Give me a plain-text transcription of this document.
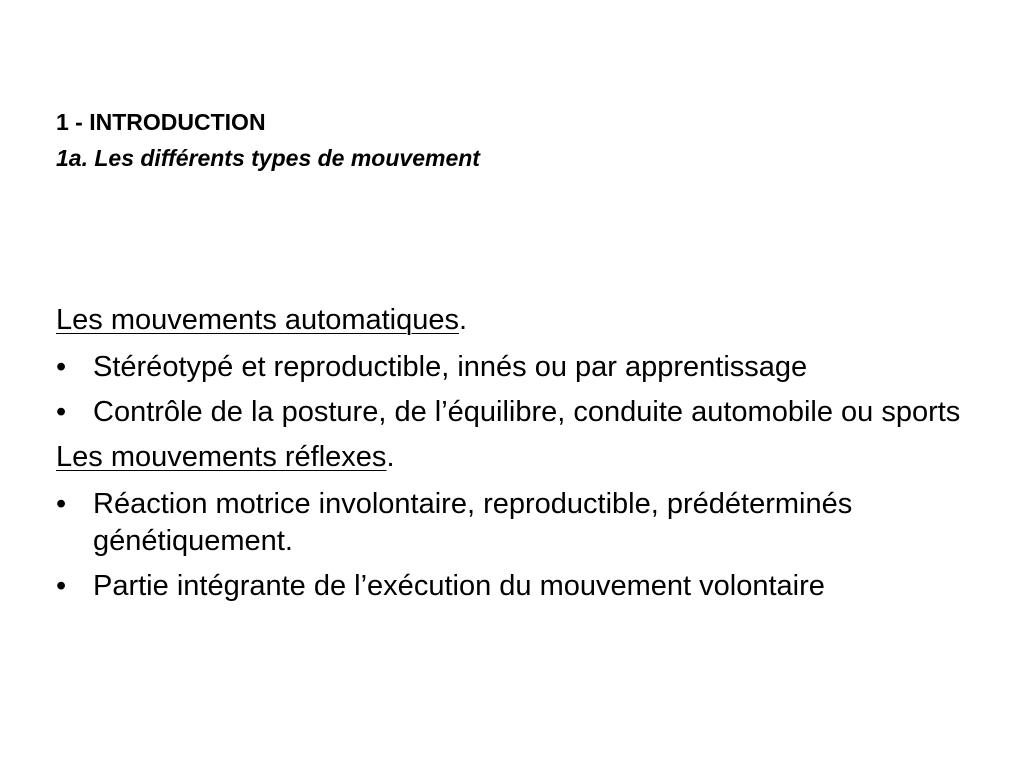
1 - INTRODUCTION

1a. Les différents types de mouvement

Les mouvements automatiques.

• Stéréotypé et reproductible, innés ou par apprentissage
• Contrôle de la posture, de l’équilibre, conduite automobile ou sports

Les mouvements réflexes.

• Réaction motrice involontaire, reproductible, prédéterminés génétiquement.
• Partie intégrante de l’exécution du mouvement volontaire
